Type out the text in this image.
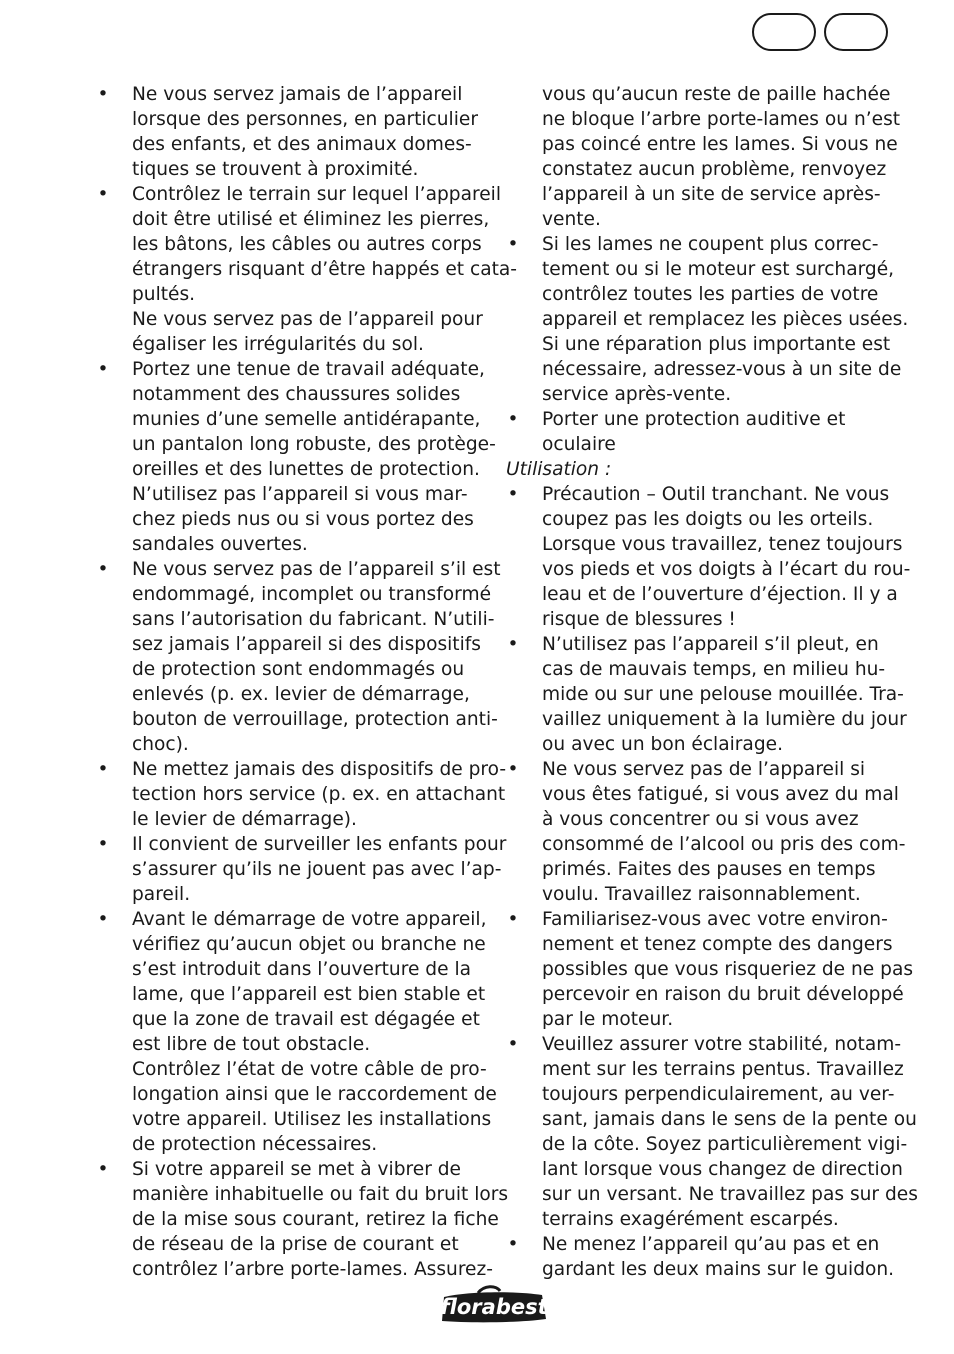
• Ne vous servez jamais de l’appareil
lorsque des personnes, en particulier
des enfants, et des animaux domes-
tiques se trouvent à proximité.
• Contrôlez le terrain sur lequel l’appareil
doit être utilisé et éliminez les pierres,
les bâtons, les câbles ou autres corps
étrangers risquant d’être happés et cata-
pultés.
Ne vous servez pas de l’appareil pour
égaliser les irrégularités du sol.
• Portez une tenue de travail adéquate,
notamment des chaussures solides
munies d’une semelle antidérapante,
un pantalon long robuste, des protège-
oreilles et des lunettes de protection.
N’utilisez pas l’appareil si vous mar-
chez pieds nus ou si vous portez des
sandales ouvertes.
• Ne vous servez pas de l’appareil s’il est
endommagé, incomplet ou transformé
sans l’autorisation du fabricant. N’utili-
sez jamais l’appareil si des dispositifs
de protection sont endommagés ou
enlevés (p. ex. levier de démarrage,
bouton de verrouillage, protection anti-
choc).
• Ne mettez jamais des dispositifs de pro-
tection hors service (p. ex. en attachant
le levier de démarrage).
• Il convient de surveiller les enfants pour
s’assurer qu’ils ne jouent pas avec l’ap-
pareil.
• Avant le démarrage de votre appareil,
vérifiez qu’aucun objet ou branche ne
s’est introduit dans l’ouverture de la
lame, que l’appareil est bien stable et
que la zone de travail est dégagée et
est libre de tout obstacle.
Contrôlez l’état de votre câble de pro-
longation ainsi que le raccordement de
votre appareil. Utilisez les installations
de protection nécessaires.
• Si votre appareil se met à vibrer de
manière inhabituelle ou fait du bruit lors
de la mise sous courant, retirez la fiche
de réseau de la prise de courant et
contrôlez l’arbre porte-lames. Assurez-
vous qu’aucun reste de paille hachée
ne bloque l’arbre porte-lames ou n’est
pas coincé entre les lames. Si vous ne
constatez aucun problème, renvoyez
l’appareil à un site de service après-
vente.
• Si les lames ne coupent plus correc-
tement ou si le moteur est surchargé,
contrôlez toutes les parties de votre
appareil et remplacez les pièces usées.
Si une réparation plus importante est
nécessaire, adressez-vous à un site de
service après-vente.
• Porter une protection auditive et
oculaire
Utilisation :
• Précaution – Outil tranchant. Ne vous
coupez pas les doigts ou les orteils.
Lorsque vous travaillez, tenez toujours
vos pieds et vos doigts à l’écart du rou-
leau et de l’ouverture d’éjection. Il y a
risque de blessures !
• N’utilisez pas l’appareil s’il pleut, en
cas de mauvais temps, en milieu hu-
mide ou sur une pelouse mouillée. Tra-
vaillez uniquement à la lumière du jour
ou avec un bon éclairage.
• Ne vous servez pas de l’appareil si
vous êtes fatigué, si vous avez du mal
à vous concentrer ou si vous avez
consommé de l’alcool ou pris des com-
primés. Faites des pauses en temps
voulu. Travaillez raisonnablement.
• Familiarisez-vous avec votre environ-
nement et tenez compte des dangers
possibles que vous risqueriez de ne pas
percevoir en raison du bruit développé
par le moteur.
• Veuillez assurer votre stabilité, notam-
ment sur les terrains pentus. Travaillez
toujours perpendiculairement, au ver-
sant, jamais dans le sens de la pente ou
de la côte. Soyez particulièrement vigi-
lant lorsque vous changez de direction
sur un versant. Ne travaillez pas sur des
terrains exagérément escarpés.
• Ne menez l’appareil qu’au pas et en
gardant les deux mains sur le guidon.
florabest
